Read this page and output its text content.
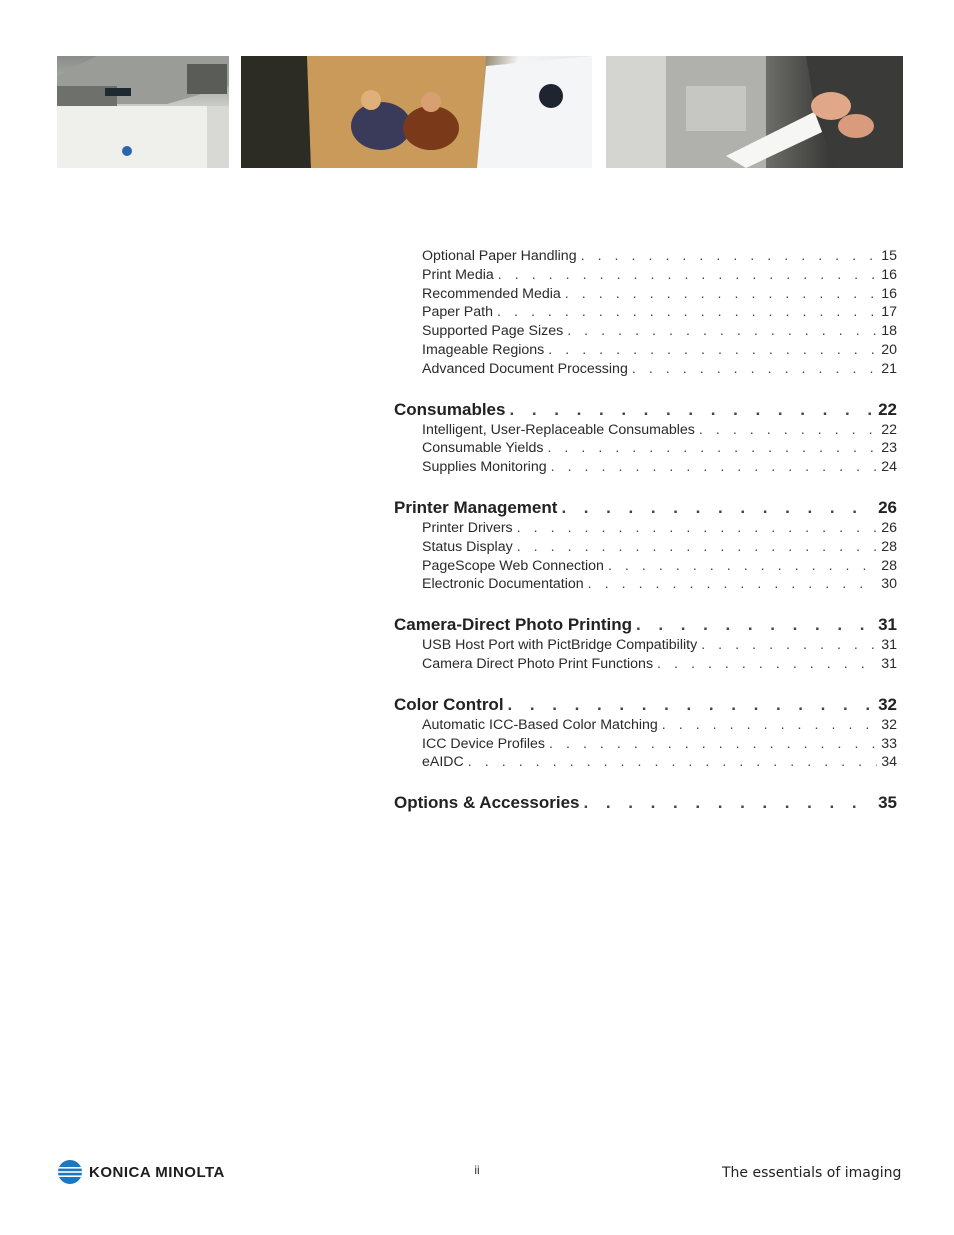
Optional Paper Handling . . .	15
Print Media . . .	16
Recommended Media . . .	16
Paper Path . . .	17
Supported Page Sizes . . .	18
Imageable Regions . . .	20
Advanced Document Processing . . .	21
Consumables . . .	22
Intelligent, User-Replaceable Consumables . . .	22
Consumable Yields . . .	23
Supplies Monitoring . . .	24
Printer Management . . .	26
Printer Drivers . . .	26
Status Display . . .	28
PageScope Web Connection . . .	28
Electronic Documentation . . .	30
Camera-Direct Photo Printing . . .	31
USB Host Port with PictBridge Compatibility . . .	31
Camera Direct Photo Print Functions . . .	31
Color Control . . .	32
Automatic ICC-Based Color Matching . . .	32
ICC Device Profiles . . .	33
eAIDC . . .	34
Options & Accessories . . .	35
KONICA MINOLTA	ii	The essentials of imaging
